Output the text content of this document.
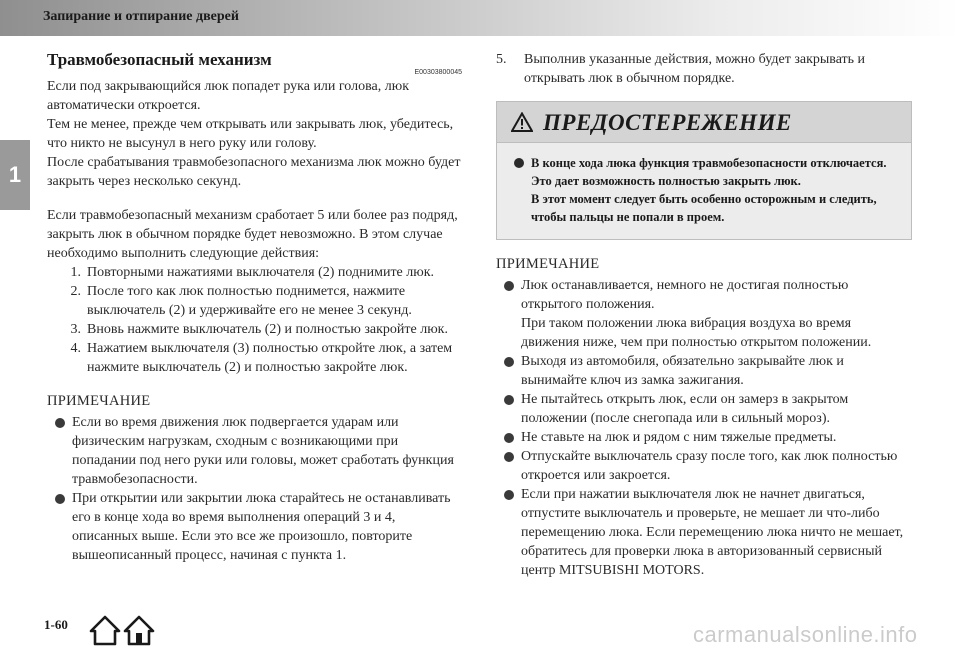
Запирание и отпирание дверей
1
Травмобезопасный механизм
E00303800045

Если под закрывающийся люк попадет рука или голова, люк

автоматически откроется.

Тем не менее, прежде чем открывать или закрывать люк, убедитесь,

что никто не высунул в него руку или голову.

После срабатывания травмобезопасного механизма люк можно будет

закрыть через несколько секунд.

Если травмобезопасный механизм сработает 5 или более раз подряд,

закрыть люк в обычном порядке будет невозможно. В этом случае

необходимо выполнить следующие действия:

1. Повторными нажатиями выключателя (2) поднимите люк.

2. После того как люк полностью поднимется, нажмите

выключатель (2) и удерживайте его не менее 3 секунд.

3. Вновь нажмите выключатель (2) и полностью закройте люк.

4. Нажатием выключателя (3) полностью откройте люк, а затем

нажмите выключатель (2) и полностью закройте люк.

ПРИМЕЧАНИЕ

Если во время движения люк подвергается ударам или

физическим нагрузкам, сходным с возникающими при

попадании под него руки или головы, может сработать функция

травмобезопасности.

При открытии или закрытии люка старайтесь не останавливать

его в конце хода во время выполнения операций 3 и 4,

описанных выше. Если это все же произошло, повторите

вышеописанный процесс, начиная с пункта 1.

5.	Выполнив указанные действия, можно будет закрывать и

открывать люк в обычном порядке.

ПРЕДОСТЕРЕЖЕНИЕ

В конце хода люка функция травмобезопасности отключается.

Это дает возможность полностью закрыть люк.

В этот момент следует быть особенно осторожным и следить,

чтобы пальцы не попали в проем.

ПРИМЕЧАНИЕ

Люк останавливается, немного не достигая полностью

открытого положения.

При таком положении люка вибрация воздуха во время

движения ниже, чем при полностью открытом положении.

Выходя из автомобиля, обязательно закрывайте люк и

вынимайте ключ из замка зажигания.

Не пытайтесь открыть люк, если он замерз в закрытом

положении (после снегопада или в сильный мороз).

Не ставьте на люк и рядом с ним тяжелые предметы.

Отпускайте выключатель сразу после того, как люк полностью

откроется или закроется.

Если при нажатии выключателя люк не начнет двигаться,

отпустите выключатель и проверьте, не мешает ли что-либо

перемещению люка. Если перемещению люка ничто не мешает,

обратитесь для проверки люка в авторизованный сервисный

центр MITSUBISHI MOTORS.

1-60	carmanualsonline.info
